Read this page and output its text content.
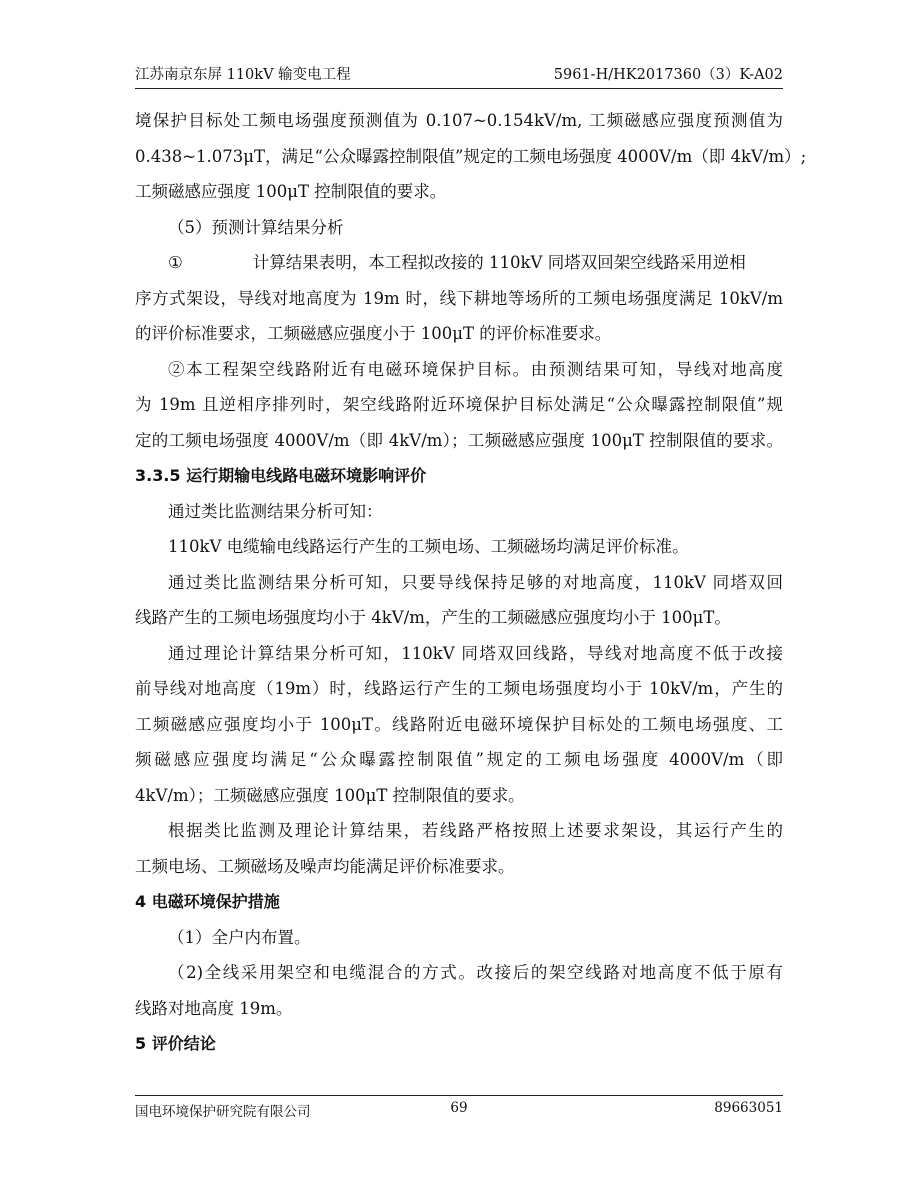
江苏南京东屏 110kV 输变电工程	5961-H/HK2017360（3）K-A02
境保护目标处工频电场强度预测值为 0.107~0.154kV/m, 工频磁感应强度预测值为
0.438~1.073μT，满足“公众曝露控制限值”规定的工频电场强度 4000V/m（即 4kV/m）;
工频磁感应强度 100μT 控制限值的要求。
（5）预测计算结果分析
①	计算结果表明，本工程拟改接的 110kV 同塔双回架空线路采用逆相
序方式架设，导线对地高度为 19m 时，线下耕地等场所的工频电场强度满足 10kV/m
的评价标准要求，工频磁感应强度小于 100μT 的评价标准要求。
②本工程架空线路附近有电磁环境保护目标。由预测结果可知，导线对地高度
为 19m 且逆相序排列时，架空线路附近环境保护目标处满足“公众曝露控制限值”规
定的工频电场强度 4000V/m（即 4kV/m）；工频磁感应强度 100μT 控制限值的要求。
3.3.5 运行期输电线路电磁环境影响评价
通过类比监测结果分析可知：
110kV 电缆输电线路运行产生的工频电场、工频磁场均满足评价标准。
通过类比监测结果分析可知，只要导线保持足够的对地高度，110kV 同塔双回
线路产生的工频电场强度均小于 4kV/m，产生的工频磁感应强度均小于 100μT。
通过理论计算结果分析可知，110kV 同塔双回线路，导线对地高度不低于改接
前导线对地高度（19m）时，线路运行产生的工频电场强度均小于 10kV/m，产生的
工频磁感应强度均小于 100μT。线路附近电磁环境保护目标处的工频电场强度、工
频磁感应强度均满足“公众曝露控制限值”规定的工频电场强度 4000V/m（即
4kV/m）；工频磁感应强度 100μT 控制限值的要求。
根据类比监测及理论计算结果，若线路严格按照上述要求架设，其运行产生的
工频电场、工频磁场及噪声均能满足评价标准要求。
4 电磁环境保护措施
（1）全户内布置。
（2)全线采用架空和电缆混合的方式。改接后的架空线路对地高度不低于原有
线路对地高度 19m。
5 评价结论
国电环境保护研究院有限公司	69	89663051
